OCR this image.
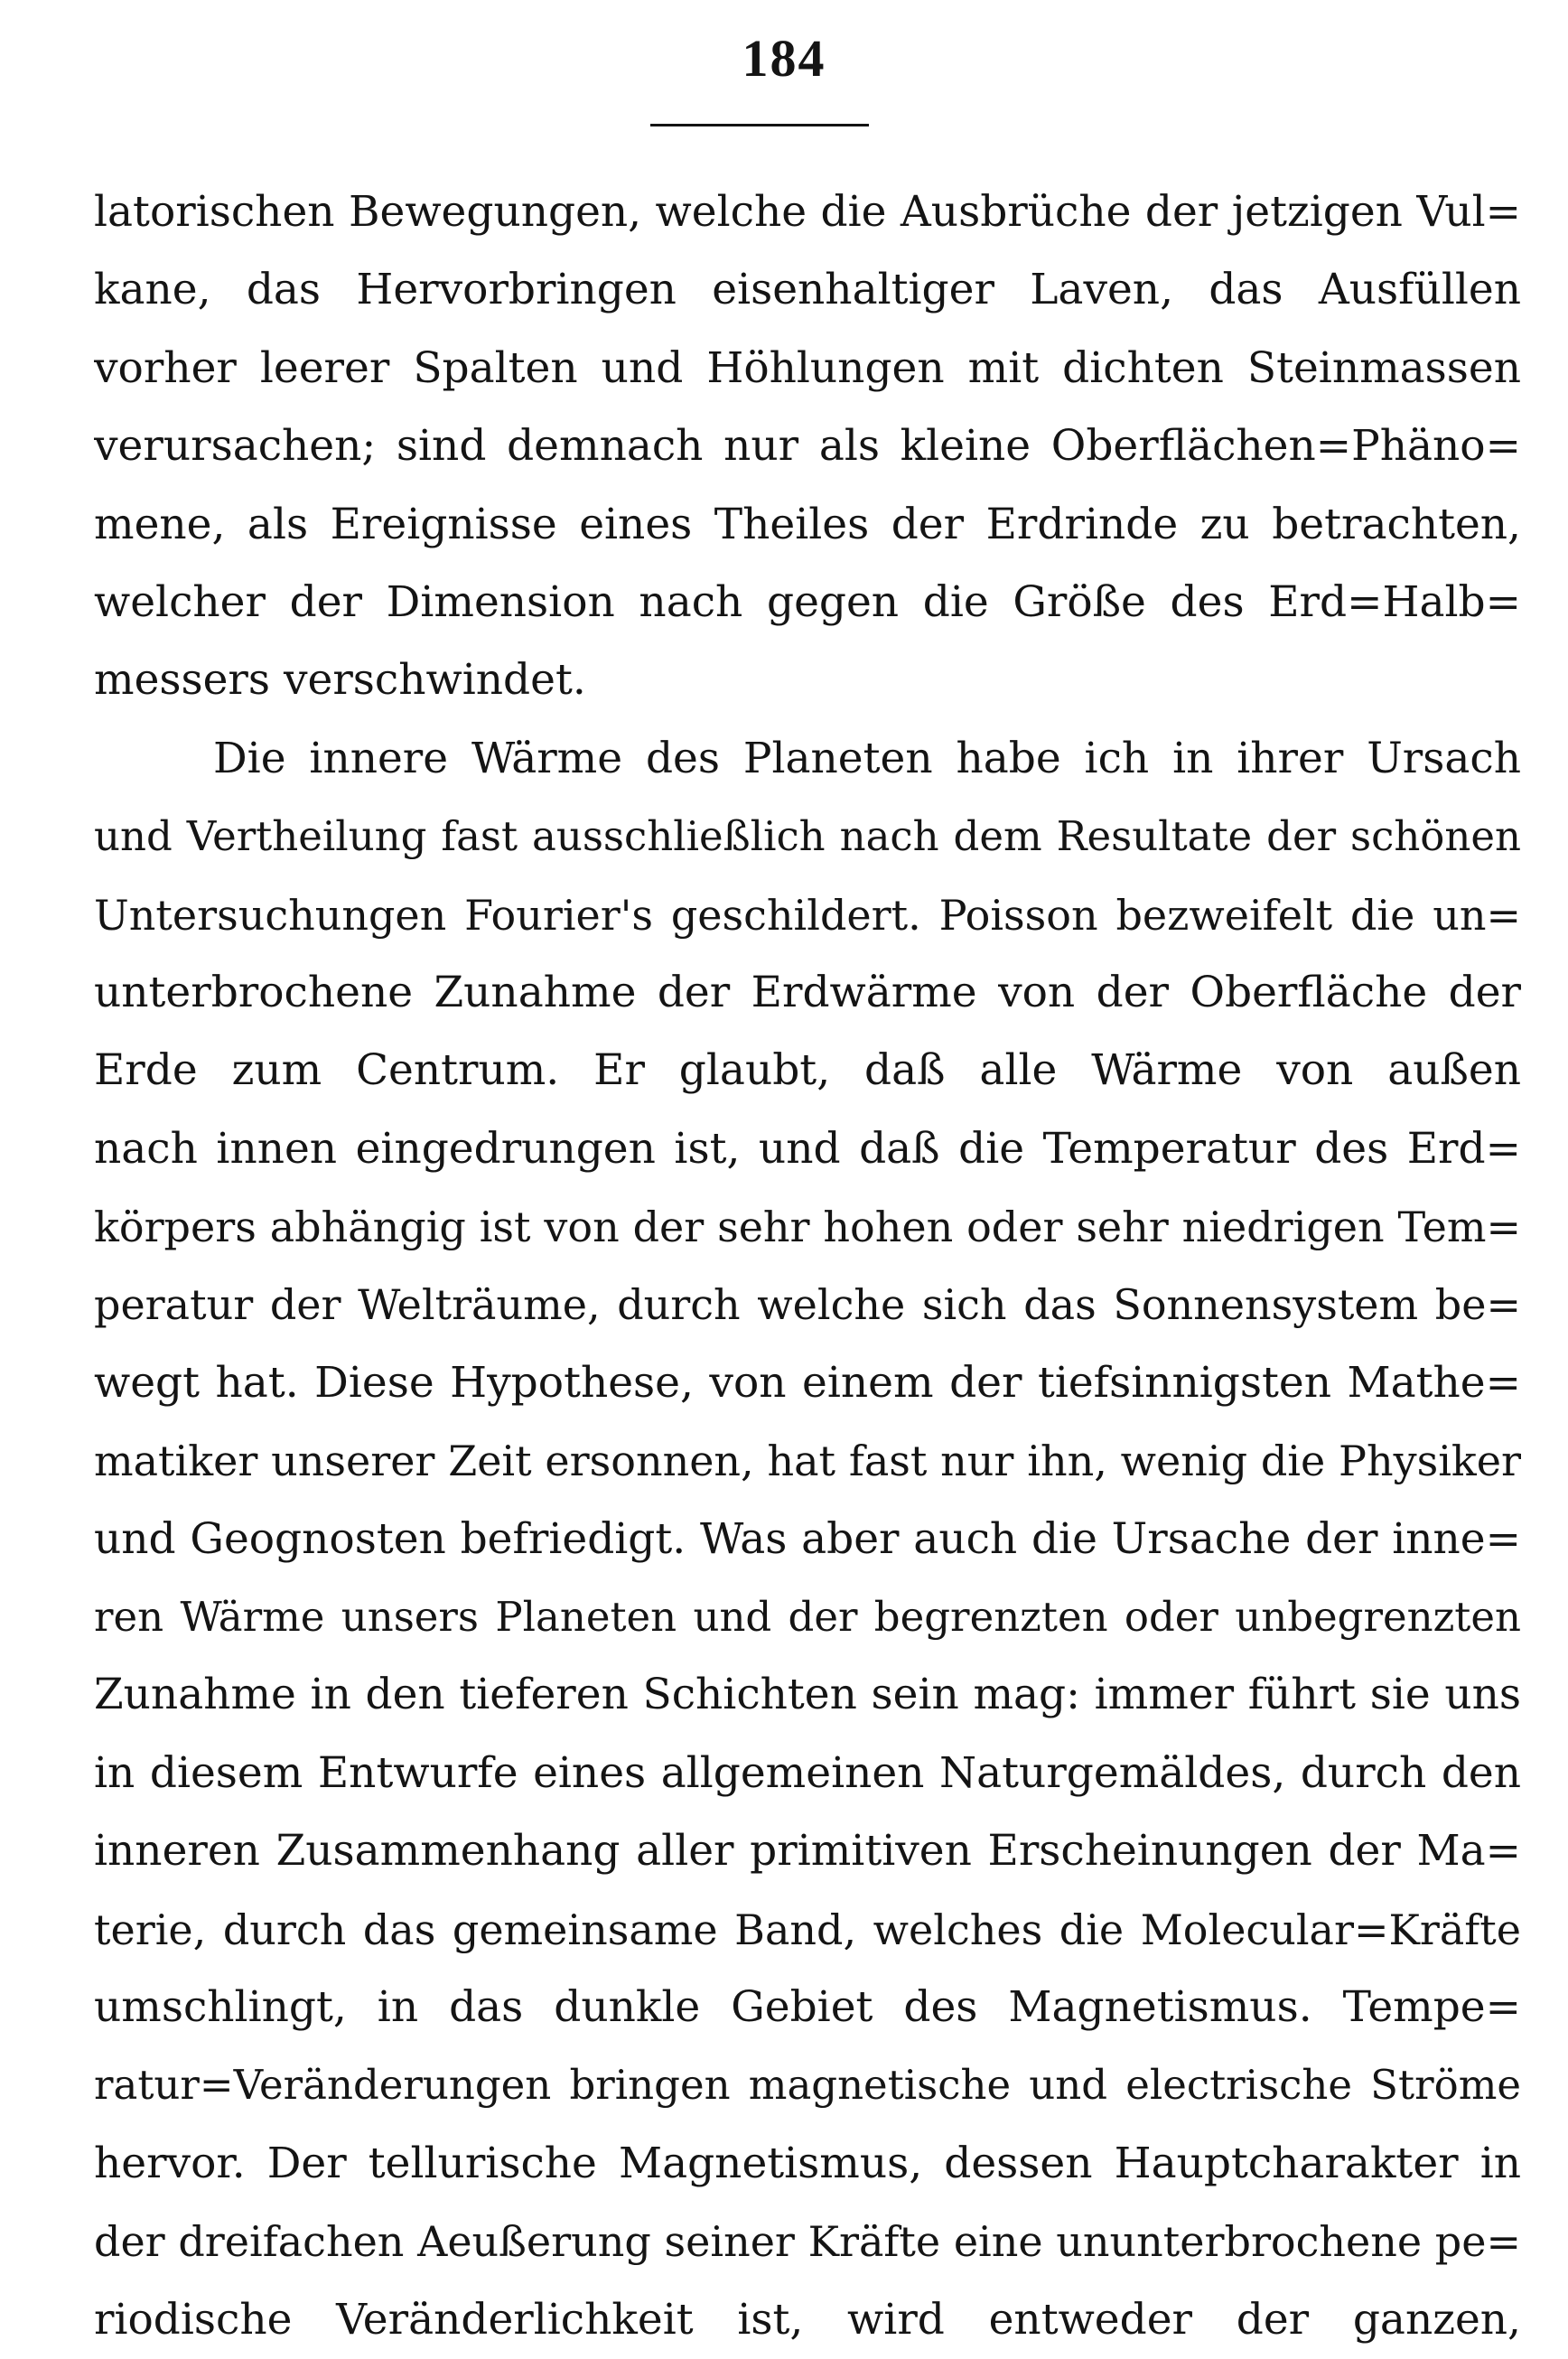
184
latorischen Bewegungen, welche die Ausbrüche der jetzigen Vul=
kane, das Hervorbringen eisenhaltiger Laven, das Ausfüllen
vorher leerer Spalten und Höhlungen mit dichten Steinmassen
verursachen; sind demnach nur als kleine Oberflächen=Phäno=
mene, als Ereignisse eines Theiles der Erdrinde zu betrachten,
welcher der Dimension nach gegen die Größe des Erd=Halb=
messers verschwindet.
Die innere Wärme des Planeten habe ich in ihrer Ursach
und Vertheilung fast ausschließlich nach dem Resultate der schönen
Untersuchungen Fourier's geschildert. Poisson bezweifelt die un=
unterbrochene Zunahme der Erdwärme von der Oberfläche der
Erde zum Centrum. Er glaubt, daß alle Wärme von außen
nach innen eingedrungen ist, und daß die Temperatur des Erd=
körpers abhängig ist von der sehr hohen oder sehr niedrigen Tem=
peratur der Welträume, durch welche sich das Sonnensystem be=
wegt hat. Diese Hypothese, von einem der tiefsinnigsten Mathe=
matiker unserer Zeit ersonnen, hat fast nur ihn, wenig die Physiker
und Geognosten befriedigt. Was aber auch die Ursache der inne=
ren Wärme unsers Planeten und der begrenzten oder unbegrenzten
Zunahme in den tieferen Schichten sein mag: immer führt sie uns
in diesem Entwurfe eines allgemeinen Naturgemäldes, durch den
inneren Zusammenhang aller primitiven Erscheinungen der Ma=
terie, durch das gemeinsame Band, welches die Molecular=Kräfte
umschlingt, in das dunkle Gebiet des Magnetismus. Tempe=
ratur=Veränderungen bringen magnetische und electrische Ströme
hervor. Der tellurische Magnetismus, dessen Hauptcharakter in
der dreifachen Aeußerung seiner Kräfte eine ununterbrochene pe=
riodische Veränderlichkeit ist, wird entweder der ganzen,
